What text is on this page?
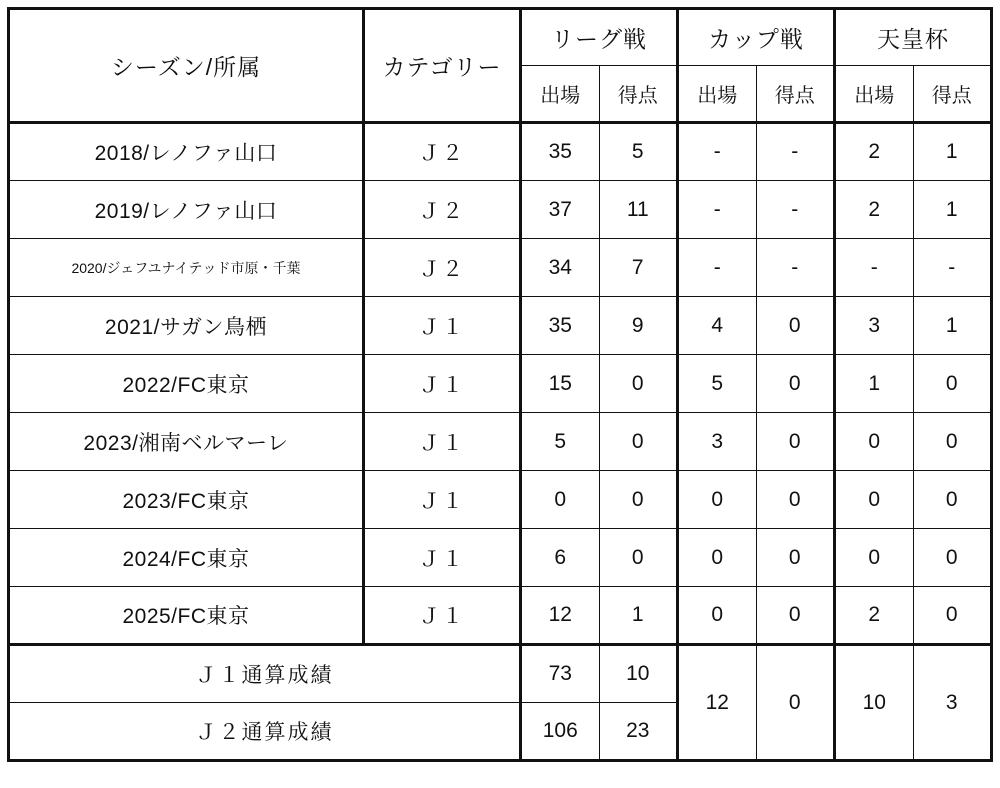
シーズン/所属	カテゴリー	リーグ戦		カップ戦		天皇杯	
		出場	得点	出場	得点	出場	得点
2018/レノファ山口	Ｊ２	35	5	-	-	2	1
2019/レノファ山口	Ｊ２	37	11	-	-	2	1
2020/ジェフユナイテッド市原・千葉	Ｊ２	34	7	-	-	-	-
2021/サガン鳥栖	Ｊ１	35	9	4	0	3	1
2022/FC東京	Ｊ１	15	0	5	0	1	0
2023/湘南ベルマーレ	Ｊ１	5	0	3	0	0	0
2023/FC東京	Ｊ１	0	0	0	0	0	0
2024/FC東京	Ｊ１	6	0	0	0	0	0
2025/FC東京	Ｊ１	12	1	0	0	2	0
Ｊ１通算成績		73	10	12	0	10	3
Ｊ２通算成績		106	23				
